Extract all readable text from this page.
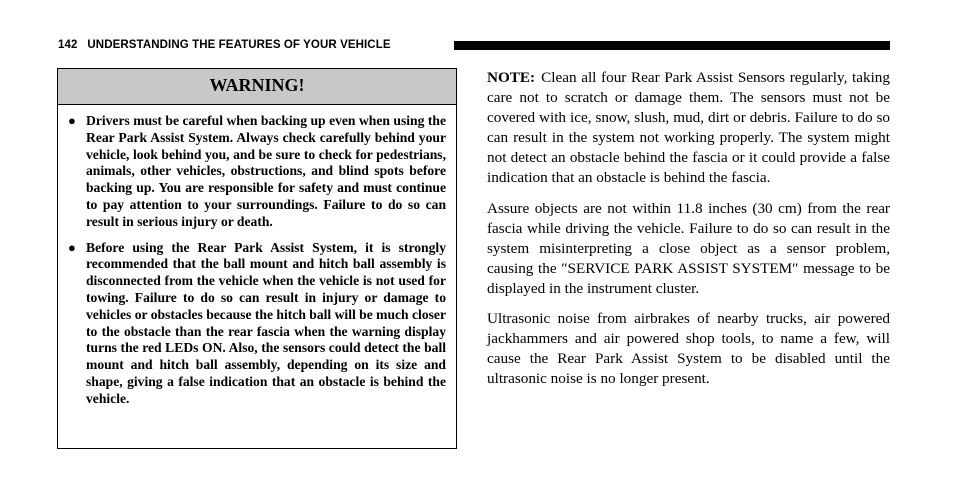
142 UNDERSTANDING THE FEATURES OF YOUR VEHICLE
WARNING!
● Drivers must be careful when backing up even when using the Rear Park Assist System. Always check carefully behind your vehicle, look behind you, and be sure to check for pedestrians, animals, other vehicles, obstructions, and blind spots before backing up. You are responsible for safety and must continue to pay attention to your surroundings. Failure to do so can result in serious injury or death.
● Before using the Rear Park Assist System, it is strongly recommended that the ball mount and hitch ball assembly is disconnected from the vehicle when the vehicle is not used for towing. Failure to do so can result in injury or damage to vehicles or obstacles because the hitch ball will be much closer to the obstacle than the rear fascia when the warning display turns the red LEDs ON. Also, the sensors could detect the ball mount and hitch ball assembly, depending on its size and shape, giving a false indication that an obstacle is behind the vehicle.

NOTE: Clean all four Rear Park Assist Sensors regularly, taking care not to scratch or damage them. The sensors must not be covered with ice, snow, slush, mud, dirt or debris. Failure to do so can result in the system not working properly. The system might not detect an obstacle behind the fascia or it could provide a false indication that an obstacle is behind the fascia.

Assure objects are not within 11.8 inches (30 cm) from the rear fascia while driving the vehicle. Failure to do so can result in the system misinterpreting a close object as a sensor problem, causing the ″SERVICE PARK ASSIST SYSTEM″ message to be displayed in the instrument cluster.

Ultrasonic noise from airbrakes of nearby trucks, air powered jackhammers and air powered shop tools, to name a few, will cause the Rear Park Assist System to be disabled until the ultrasonic noise is no longer present.
